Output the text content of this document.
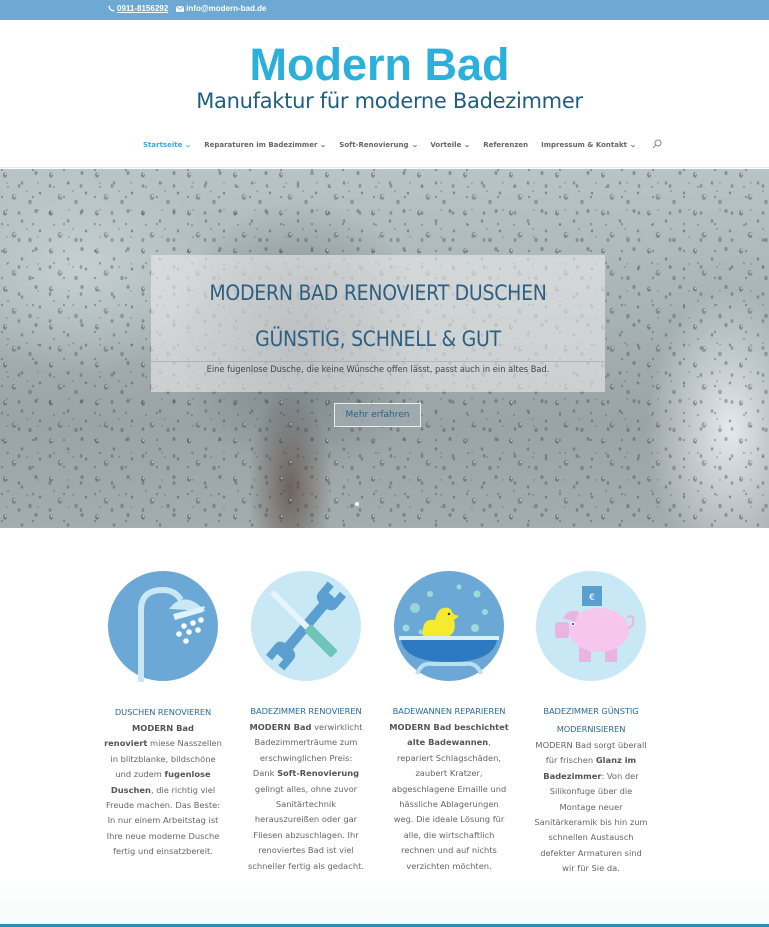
0911-8156292 info@modern-bad.de
Modern Bad
Manufaktur für moderne Badezimmer
Startseite ⌄ Reparaturen im Badezimmer ⌄ Soft-Renovierung ⌄ Vorteile ⌄ Referenzen Impressum & Kontakt ⌄
MODERN BAD RENOVIERT DUSCHEN
GÜNSTIG, SCHNELL & GUT
Eine fugenlose Dusche, die keine Wünsche offen lässt, passt auch in ein altes Bad.
Mehr erfahren
DUSCHEN RENOVIEREN
MODERN Bad
renoviert miese Nasszellen
in blitzblanke, bildschöne
und zudem fugenlose
Duschen, die richtig viel
Freude machen. Das Beste:
In nur einem Arbeitstag ist
Ihre neue moderne Dusche
fertig und einsatzbereit.
BADEZIMMER RENOVIEREN
MODERN Bad verwirklicht
Badezimmerträume zum
erschwinglichen Preis:
Dank Soft-Renovierung
gelingt alles, ohne zuvor
Sanitärtechnik
herauszureißen oder gar
Fliesen abzuschlagen. Ihr
renoviertes Bad ist viel
schneller fertig als gedacht.
BADEWANNEN REPARIEREN
MODERN Bad beschichtet
alte Badewannen,
repariert Schlagschäden,
zaubert Kratzer,
abgeschlagene Emaille und
hässliche Ablagerungen
weg. Die ideale Lösung für
alle, die wirtschaftlich
rechnen und auf nichts
verzichten möchten.
€
BADEZIMMER GÜNSTIG
MODERNISIEREN
MODERN Bad sorgt überall
für frischen Glanz im
Badezimmer: Von der
Silikonfuge über die
Montage neuer
Sanitärkeramik bis hin zum
schnellen Austausch
defekter Armaturen sind
wir für Sie da.
